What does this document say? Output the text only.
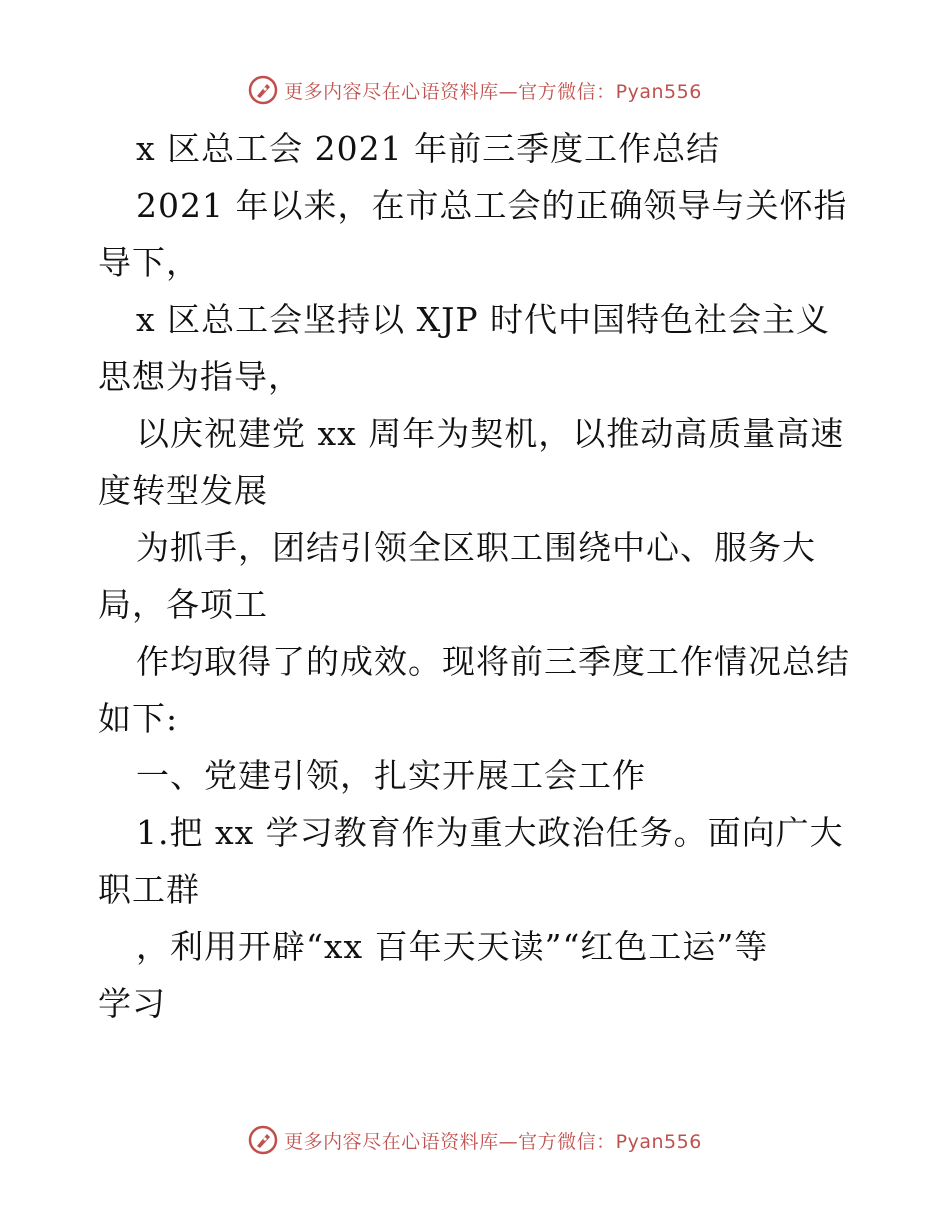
更多内容尽在心语资料库—官方微信：Pyan556
x 区总工会 2021 年前三季度工作总结
2021 年以来，在市总工会的正确领导与关怀指
导下，
x 区总工会坚持以 XJP 时代中国特色社会主义
思想为指导，
以庆祝建党 xx 周年为契机，以推动高质量高速
度转型发展
为抓手，团结引领全区职工围绕中心、服务大
局，各项工
作均取得了的成效。现将前三季度工作情况总结
如下:
一、党建引领，扎实开展工会工作
1.把 xx 学习教育作为重大政治任务。面向广大
职工群
，利用开辟“xx 百年天天读”“红色工运”等
学习
更多内容尽在心语资料库—官方微信：Pyan556
